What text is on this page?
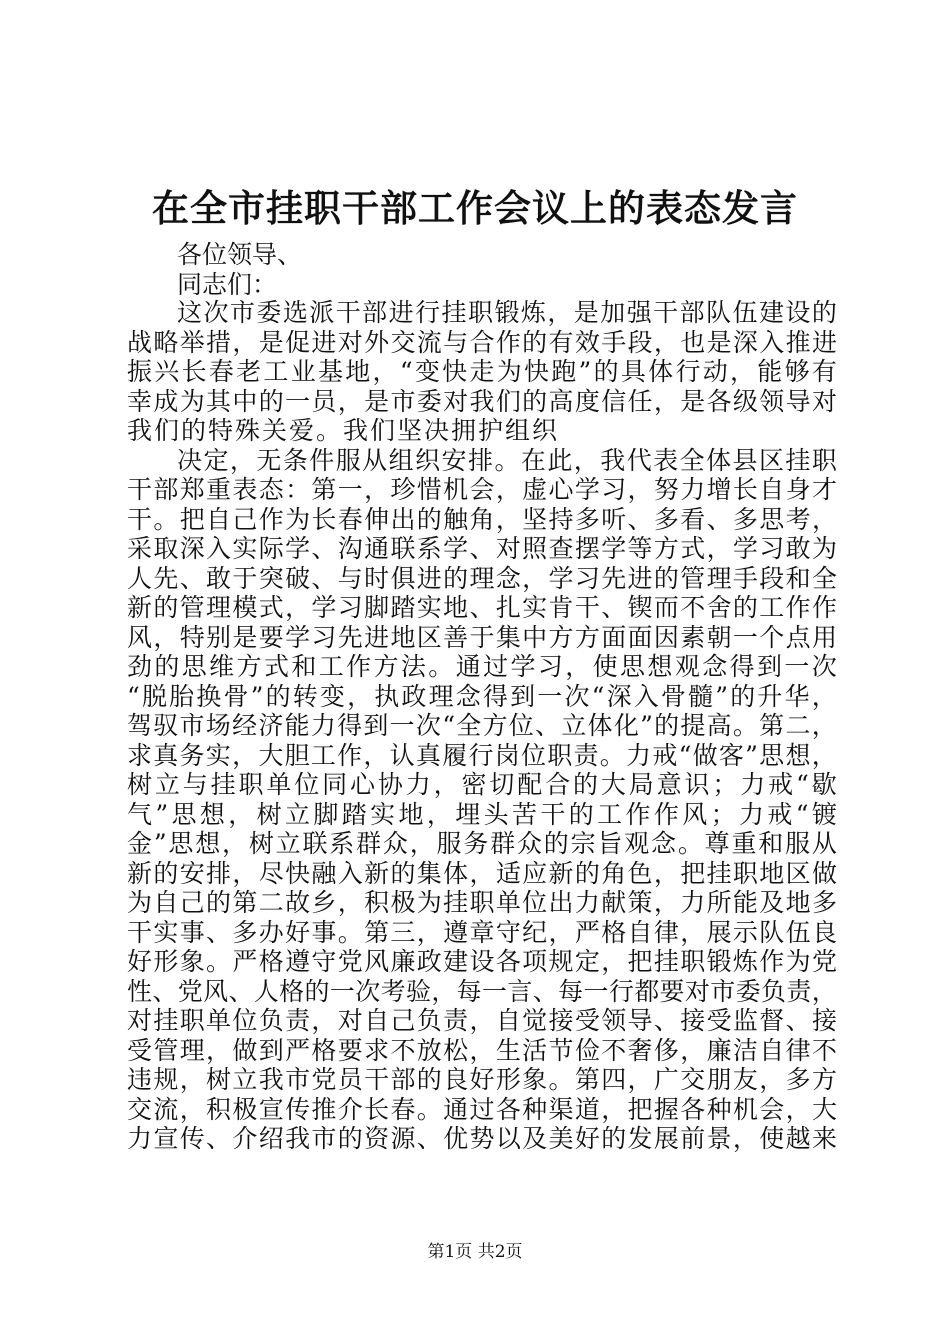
在全市挂职干部工作会议上的表态发言
各位领导、
同志们：
这 次 市 委 选 派 干 部 进 行 挂 职 锻 炼 ， 是 加 强 干 部 队 伍 建 设 的
战 略 举 措 ， 是 促 进 对 外 交 流 与 合 作 的 有 效 手 段 ， 也 是 深 入 推 进
振 兴 长 春 老 工 业 基 地 ， “ 变 快 走 为 快 跑 ” 的 具 体 行 动 ， 能 够 有
幸 成 为 其 中 的 一 员 ， 是 市 委 对 我 们 的 高 度 信 任 ， 是 各 级 领 导 对
我们的特殊关爱。我们坚决拥护组织
决 定 ， 无 条 件 服 从 组 织 安 排 。 在 此 ， 我 代 表 全 体 县 区 挂 职
干 部 郑 重 表 态 ： 第 一 ， 珍 惜 机 会 ， 虚 心 学 习 ， 努 力 增 长 自 身 才
干 。 把 自 己 作 为 长 春 伸 出 的 触 角 ， 坚 持 多 听 、 多 看 、 多 思 考 ，
采 取 深 入 实 际 学 、 沟 通 联 系 学 、 对 照 查 摆 学 等 方 式 ， 学 习 敢 为
人 先 、 敢 于 突 破 、 与 时 俱 进 的 理 念 ， 学 习 先 进 的 管 理 手 段 和 全
新 的 管 理 模 式 ， 学 习 脚 踏 实 地 、 扎 实 肯 干 、 锲 而 不 舍 的 工 作 作
风 ， 特 别 是 要 学 习 先 进 地 区 善 于 集 中 方 方 面 面 因 素 朝 一 个 点 用
劲 的 思 维 方 式 和 工 作 方 法 。 通 过 学 习 ， 使 思 想 观 念 得 到 一 次
“ 脱 胎 换 骨 ” 的 转 变 ， 执 政 理 念 得 到 一 次 “ 深 入 骨 髓 ” 的 升 华 ，
驾 驭 市 场 经 济 能 力 得 到 一 次 “ 全 方 位 、 立 体 化 ” 的 提 高 。 第 二 ，
求 真 务 实 ， 大 胆 工 作 ， 认 真 履 行 岗 位 职 责 。 力 戒 “ 做 客 ” 思 想 ，
树 立 与 挂 职 单 位 同 心 协 力 ， 密 切 配 合 的 大 局 意 识 ； 力 戒 “ 歇
气 ” 思 想 ， 树 立 脚 踏 实 地 ， 埋 头 苦 干 的 工 作 作 风 ； 力 戒 “ 镀
金 ” 思 想 ， 树 立 联 系 群 众 ， 服 务 群 众 的 宗 旨 观 念 。 尊 重 和 服 从
新 的 安 排 ， 尽 快 融 入 新 的 集 体 ， 适 应 新 的 角 色 ， 把 挂 职 地 区 做
为 自 己 的 第 二 故 乡 ， 积 极 为 挂 职 单 位 出 力 献 策 ， 力 所 能 及 地 多
干 实 事 、 多 办 好 事 。 第 三 ， 遵 章 守 纪 ， 严 格 自 律 ， 展 示 队 伍 良
好 形 象 。 严 格 遵 守 党 风 廉 政 建 设 各 项 规 定 ， 把 挂 职 锻 炼 作 为 党
性 、 党 风 、 人 格 的 一 次 考 验 ， 每 一 言 、 每 一 行 都 要 对 市 委 负 责 ，
对 挂 职 单 位 负 责 ， 对 自 己 负 责 ， 自 觉 接 受 领 导 、 接 受 监 督 、 接
受 管 理 ， 做 到 严 格 要 求 不 放 松 ， 生 活 节 俭 不 奢 侈 ， 廉 洁 自 律 不
违 规 ， 树 立 我 市 党 员 干 部 的 良 好 形 象 。 第 四 ， 广 交 朋 友 ， 多 方
交 流 ， 积 极 宣 传 推 介 长 春 。 通 过 各 种 渠 道 ， 把 握 各 种 机 会 ， 大
力 宣 传 、 介 绍 我 市 的 资 源 、 优 势 以 及 美 好 的 发 展 前 景 ， 使 越 来
第1页 共2页
